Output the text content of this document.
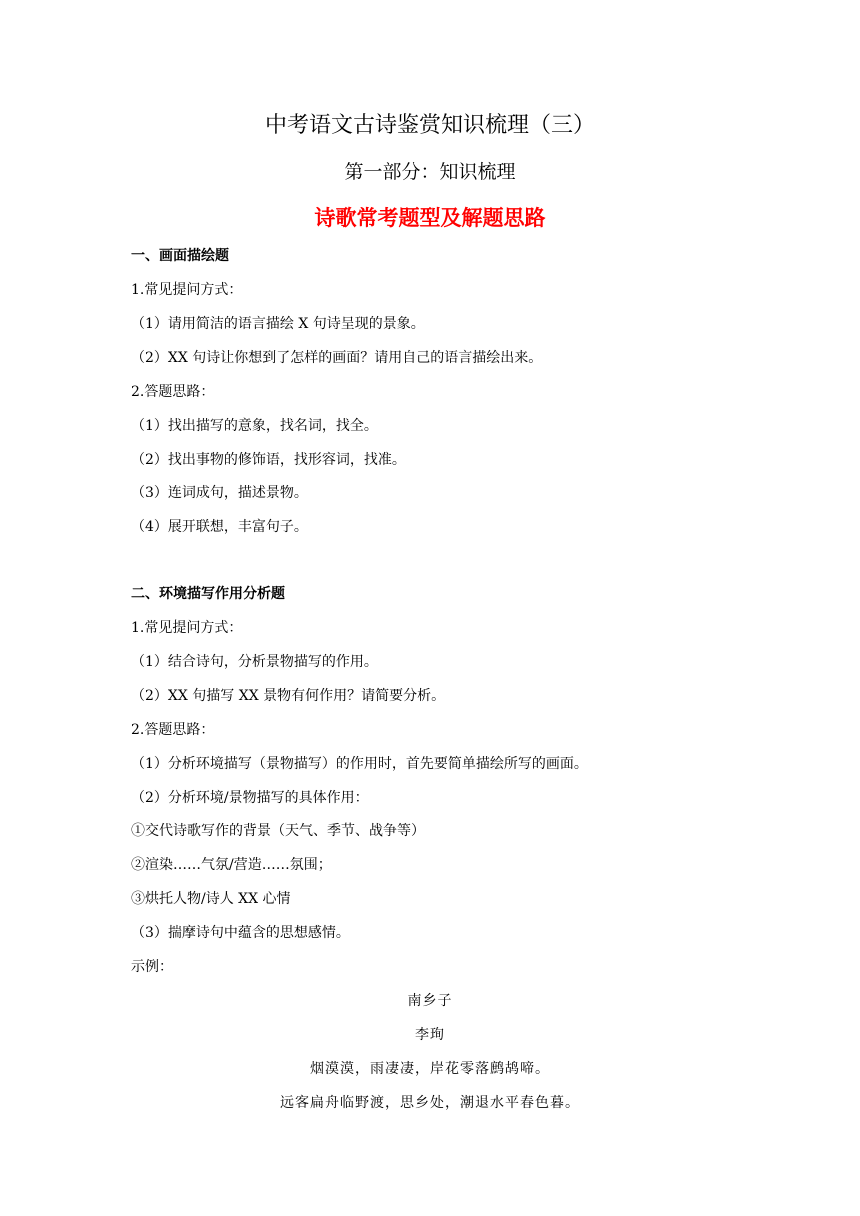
中考语文古诗鉴赏知识梳理（三）
第一部分：知识梳理
诗歌常考题型及解题思路
一、画面描绘题
1.常见提问方式：
（1）请用简洁的语言描绘 X 句诗呈现的景象。
（2）XX 句诗让你想到了怎样的画面？请用自己的语言描绘出来。
2.答题思路：
（1）找出描写的意象，找名词，找全。
（2）找出事物的修饰语，找形容词，找准。
（3）连词成句，描述景物。
（4）展开联想，丰富句子。
二、环境描写作用分析题
1.常见提问方式：
（1）结合诗句，分析景物描写的作用。
（2）XX 句描写 XX 景物有何作用？请简要分析。
2.答题思路：
（1）分析环境描写（景物描写）的作用时，首先要简单描绘所写的画面。
（2）分析环境/景物描写的具体作用：
①交代诗歌写作的背景（天气、季节、战争等）
②渲染……气氛/营造……氛围；
③烘托人物/诗人 XX 心情
（3）揣摩诗句中蕴含的思想感情。
示例：
南乡子
李珣
烟漠漠，雨凄凄，岸花零落鹧鸪啼。
远客扁舟临野渡，思乡处，潮退水平春色暮。
